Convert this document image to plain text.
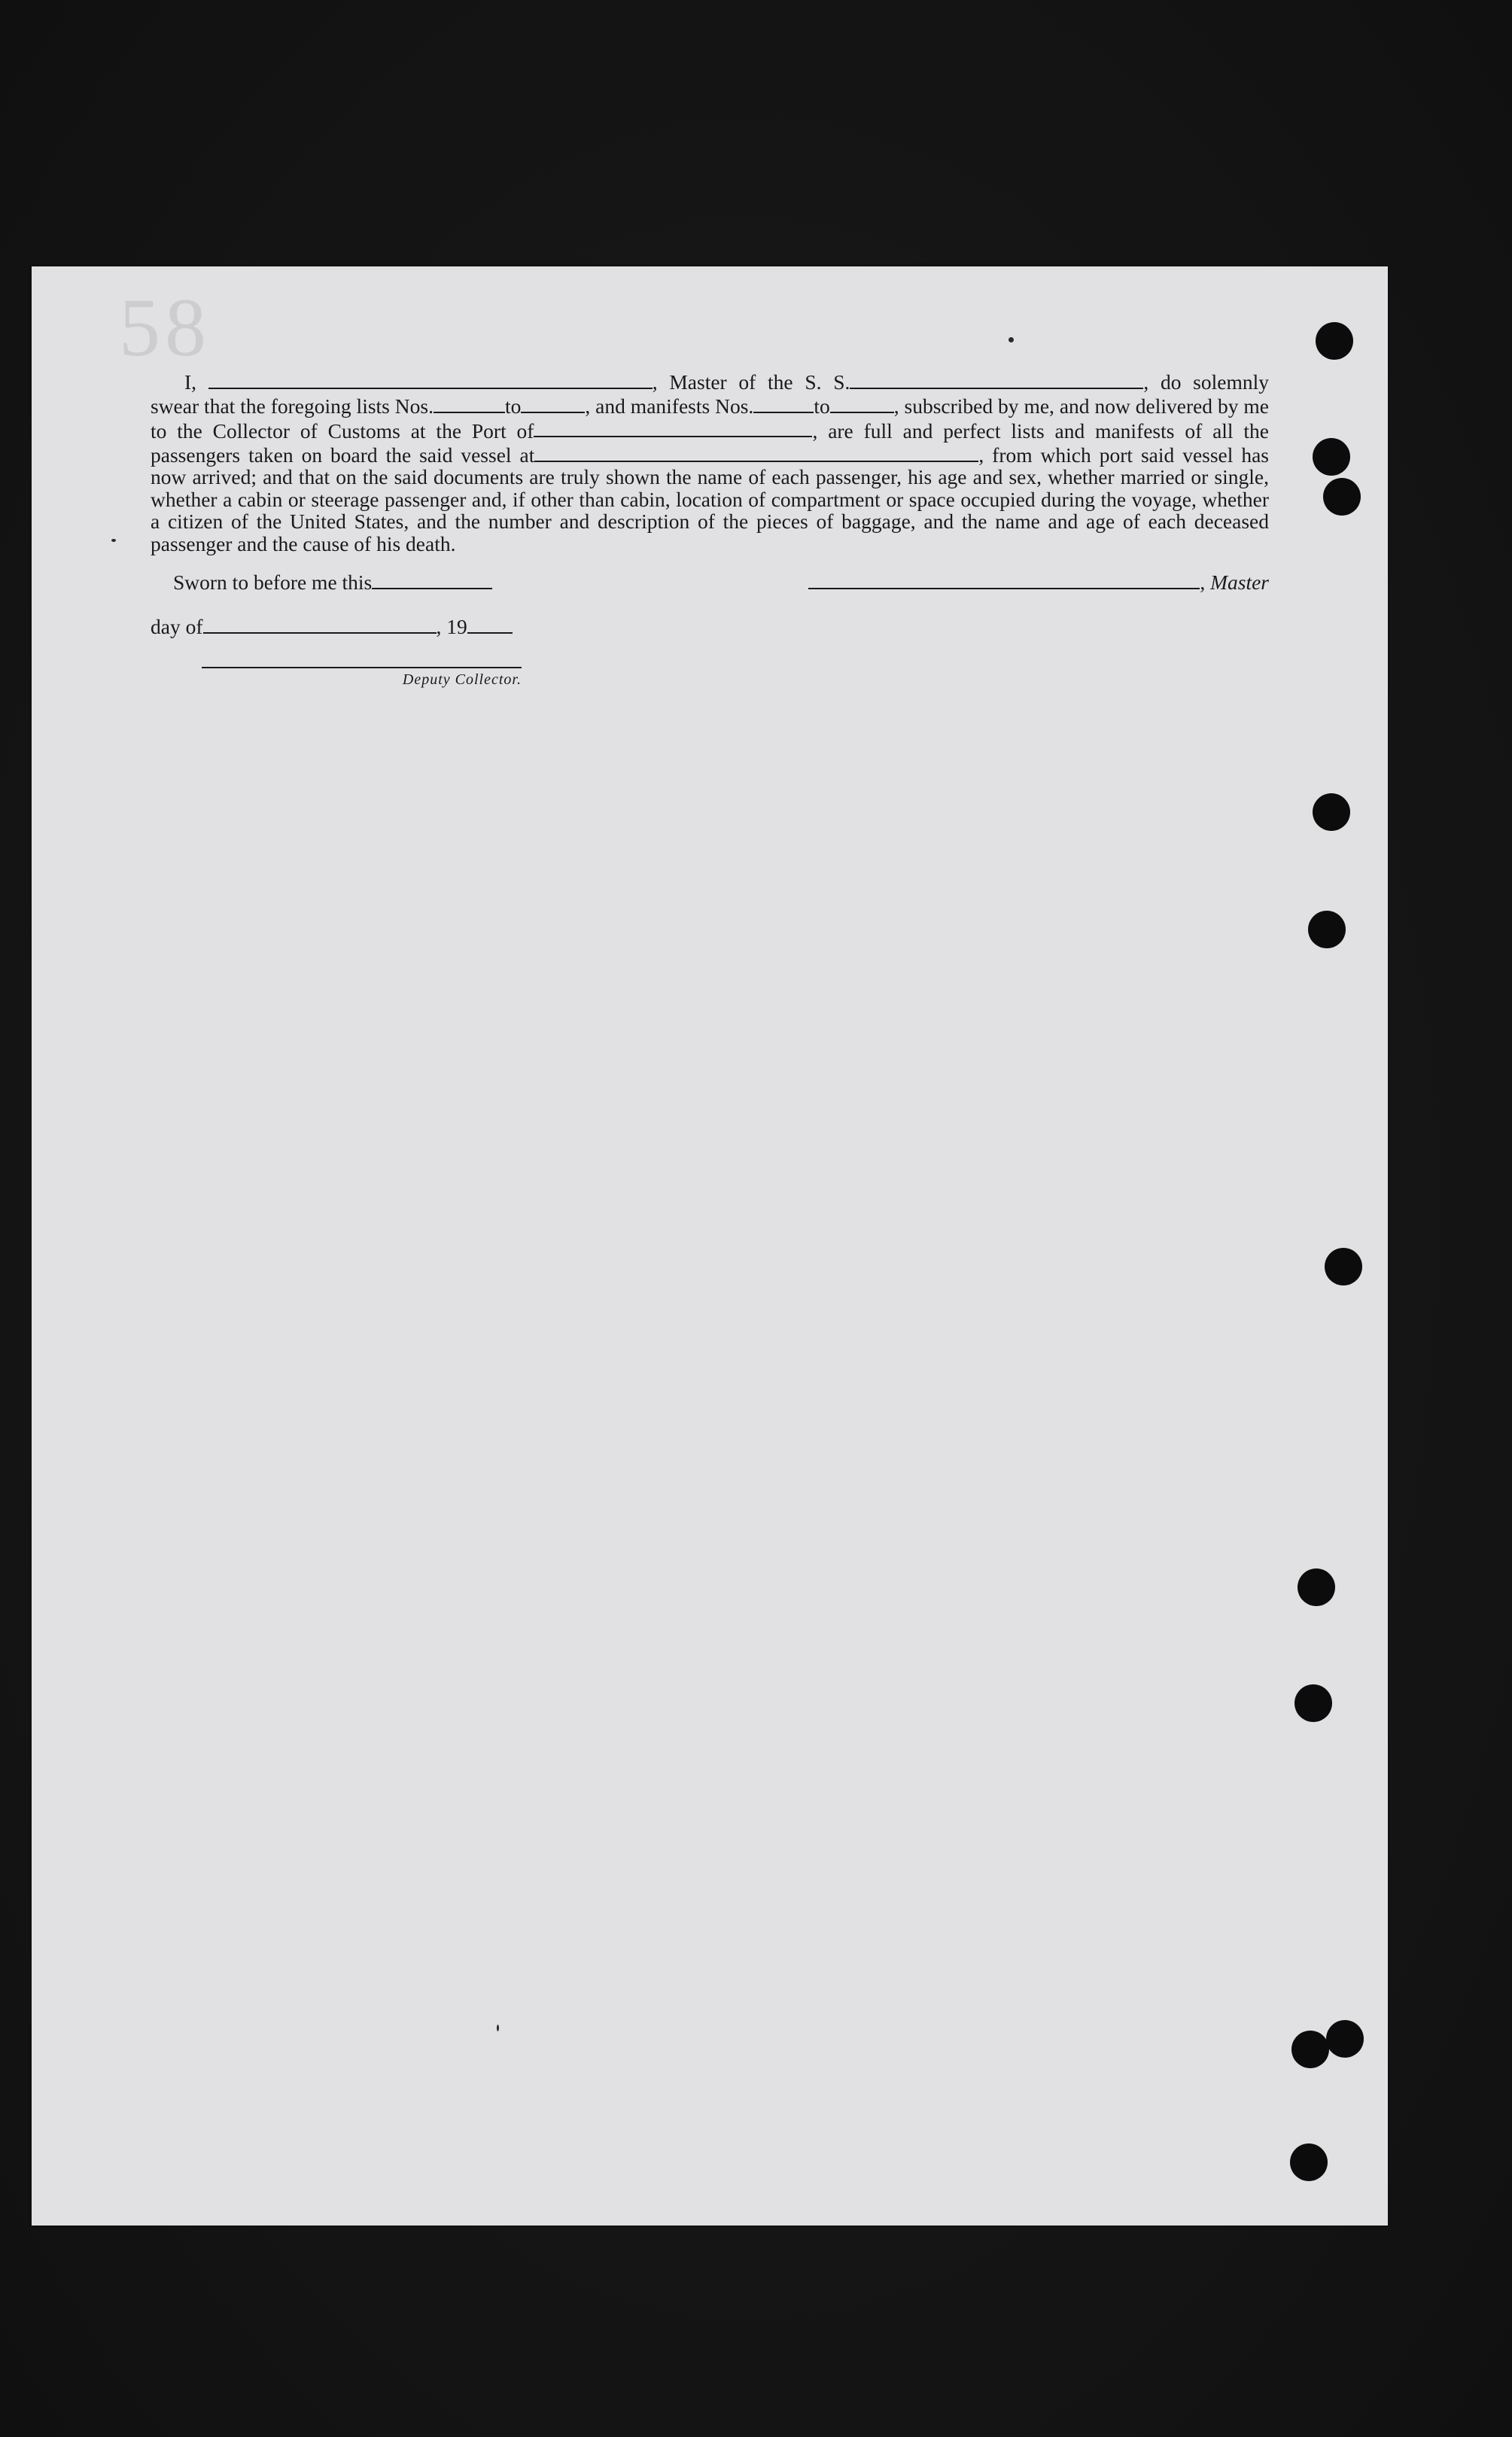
58

I,	, Master of the S. S.	, do solemnly swear that the foregoing lists Nos.	to	, and manifests Nos.	to	, subscribed by me, and now delivered by me to the Collector of Customs at the Port of	, are full and perfect lists and manifests of all the passengers taken on board the said vessel at	, from which port said vessel has now arrived; and that on the said documents are truly shown the name of each passenger, his age and sex, whether married or single, whether a cabin or steerage passenger and, if other than cabin, location of compartment or space occupied during the voyage, whether a citizen of the United States, and the number and description of the pieces of baggage, and the name and age of each deceased passenger and the cause of his death.

Sworn to before me this	, Master
day of	, 19
Deputy Collector.
